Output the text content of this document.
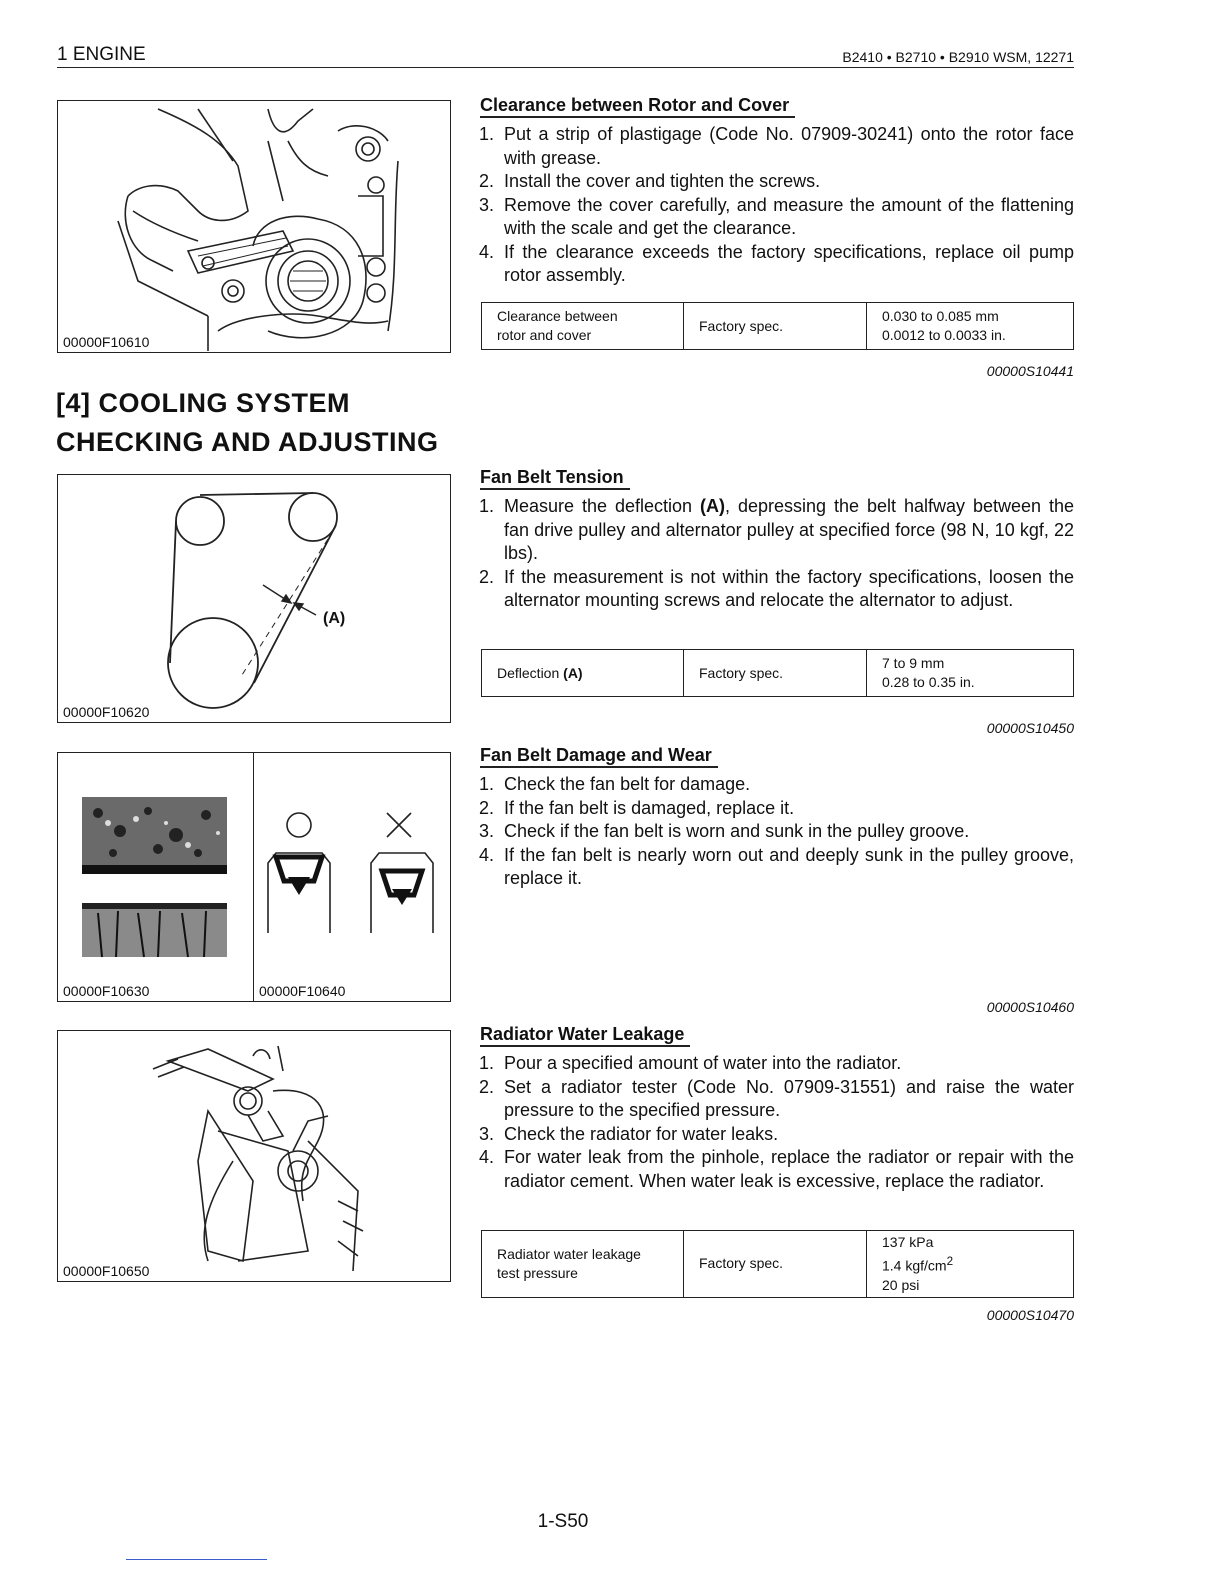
1 ENGINE	B2410 • B2710 • B2910 WSM, 12271
00000F10610
Clearance between Rotor and Cover
1. Put a strip of plastigage (Code No. 07909-30241) onto the rotor face with grease.
2. Install the cover and tighten the screws.
3. Remove the cover carefully, and measure the amount of the flattening with the scale and get the clearance.
4. If the clearance exceeds the factory specifications, replace oil pump rotor assembly.
Clearance between
rotor and cover	Factory spec.	0.030 to 0.085 mm
0.0012 to 0.0033 in.
00000S10441
[4] COOLING SYSTEM
CHECKING AND ADJUSTING
(A)
00000F10620
Fan Belt Tension
1. Measure the deflection (A), depressing the belt halfway between the fan drive pulley and alternator pulley at specified force (98 N, 10 kgf, 22 lbs).
2. If the measurement is not within the factory specifications, loosen the alternator mounting screws and relocate the alternator to adjust.
Deflection (A)	Factory spec.	7 to 9 mm
0.28 to 0.35 in.
00000S10450
00000F10630	00000F10640
Fan Belt Damage and Wear
1. Check the fan belt for damage.
2. If the fan belt is damaged, replace it.
3. Check if the fan belt is worn and sunk in the pulley groove.
4. If the fan belt is nearly worn out and deeply sunk in the pulley groove, replace it.
00000S10460
00000F10650
Radiator Water Leakage
1. Pour a specified amount of water into the radiator.
2. Set a radiator tester (Code No. 07909-31551) and raise the water pressure to the specified pressure.
3. Check the radiator for water leaks.
4. For water leak from the pinhole, replace the radiator or repair with the radiator cement. When water leak is excessive, replace the radiator.
Radiator water leakage
test pressure	Factory spec.	137 kPa
1.4 kgf/$cm^2$
20 psi
00000S10470
1-S50
